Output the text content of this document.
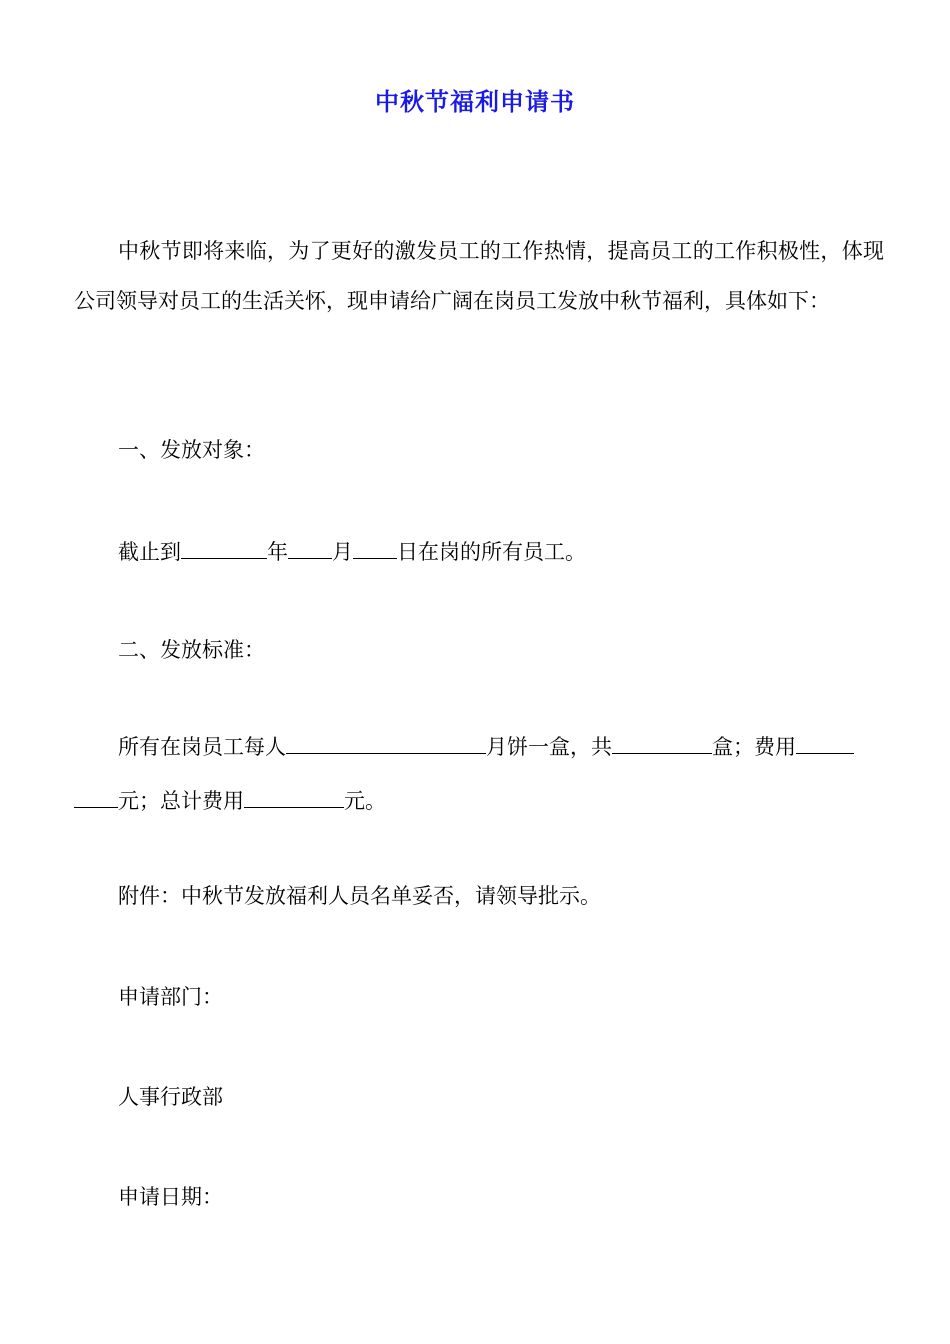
中秋节福利申请书
中秋节即将来临，为了更好的激发员工的工作热情，提高员工的工作积极性，体现公司领导对员工的生活关怀，现申请给广阔在岗员工发放中秋节福利，具体如下：
一、发放对象：
截止到	年 月 日在岗的所有员工。
二、发放标准：
所有在岗员工每人	月饼一盒，共	盒；费用
元；总计费用	元。
附件：中秋节发放福利人员名单妥否，请领导批示。
申请部门：
人事行政部
申请日期：
